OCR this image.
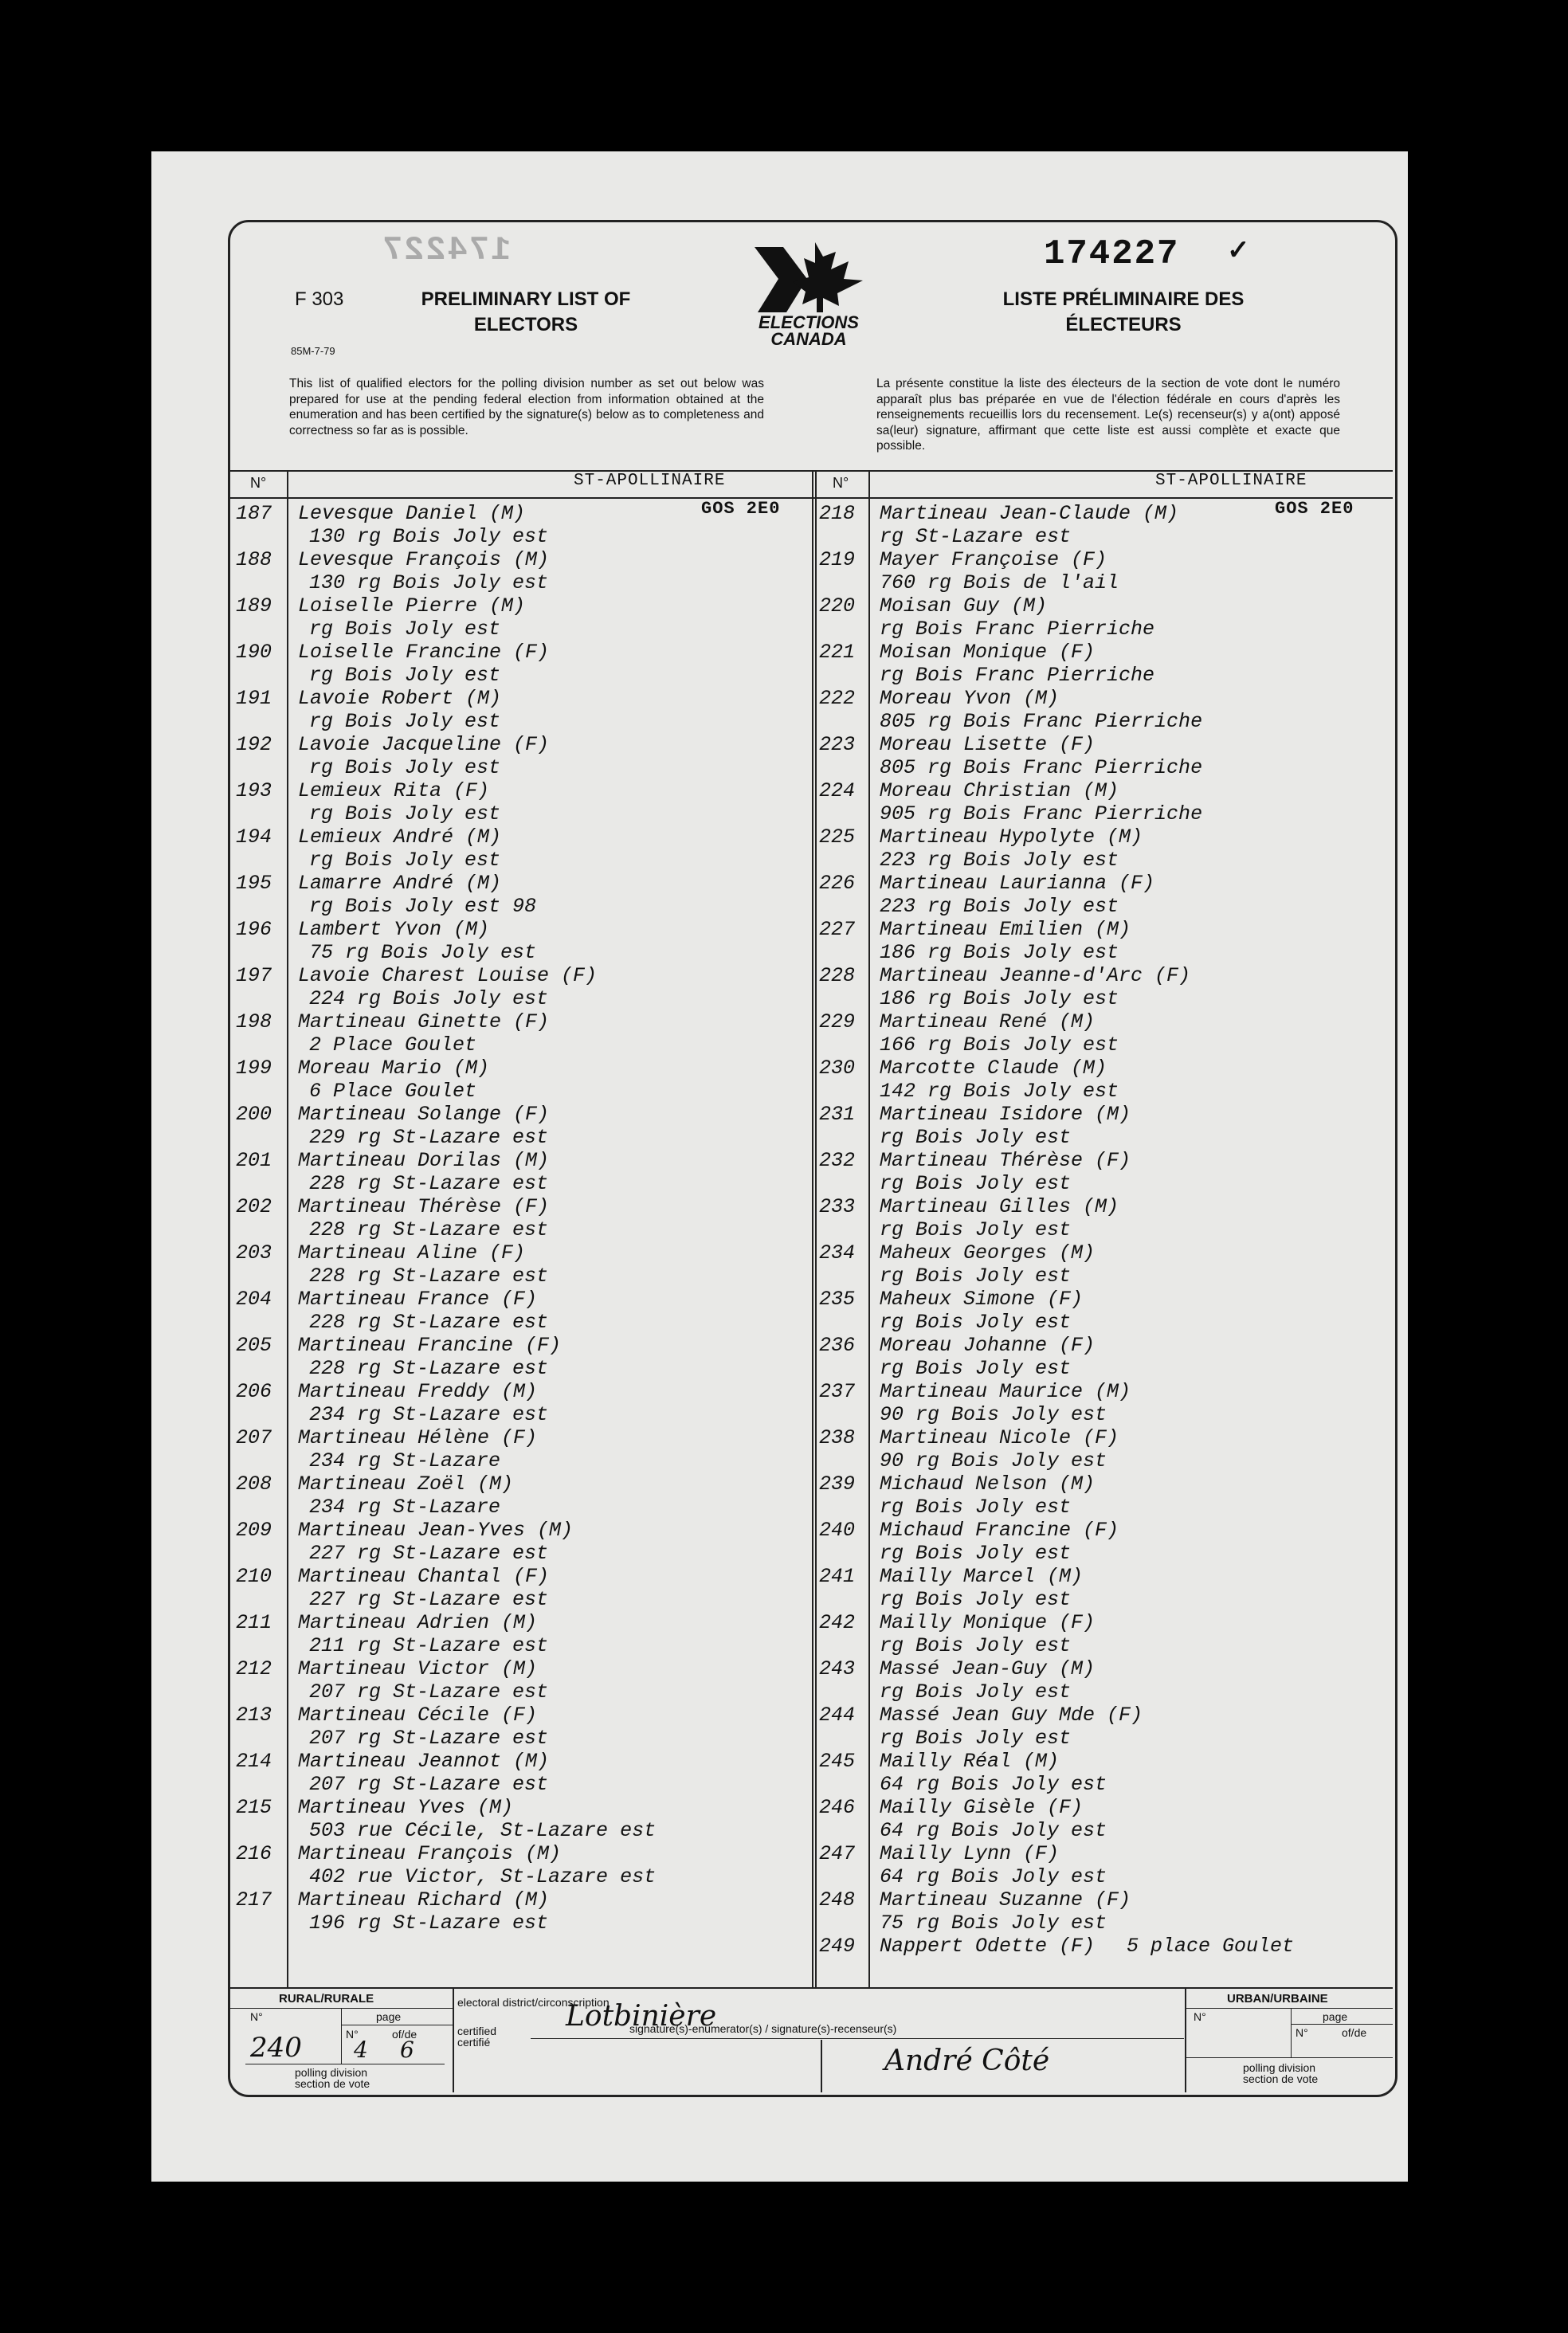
174227	174227 ✓
F 303
85M-7-79
PRELIMINARY LIST OF ELECTORS
LISTE PRÉLIMINAIRE DES ÉLECTEURS
ELECTIONS
CANADA
This list of qualified electors for the polling division number as set out below was prepared for use at the pending federal election from information obtained at the enumeration and has been certified by the signature(s) below as to completeness and correctness so far as is possible.
La présente constitue la liste des électeurs de la section de vote dont le numéro apparaît plus bas préparée en vue de l'élection fédérale en cours d'après les renseignements recueillis lors du recensement. Le(s) recenseur(s) y a(ont) apposé sa(leur) signature, affirmant que cette liste est aussi complète et exacte que possible.
N°	N°
ST-APOLLINAIRE	ST-APOLLINAIRE
GOS 2E0	GOS 2E0
187 Levesque Daniel (M)
130 rg Bois Joly est
188 Levesque François (M)
130 rg Bois Joly est
189 Loiselle Pierre (M)
rg Bois Joly est
190 Loiselle Francine (F)
rg Bois Joly est
191 Lavoie Robert (M)
rg Bois Joly est
192 Lavoie Jacqueline (F)
rg Bois Joly est
193 Lemieux Rita (F)
rg Bois Joly est
194 Lemieux André (M)
rg Bois Joly est
195 Lamarre André (M)
rg Bois Joly est 98
196 Lambert Yvon (M)
75 rg Bois Joly est
197 Lavoie Charest Louise (F)
224 rg Bois Joly est
198 Martineau Ginette (F)
2 Place Goulet
199 Moreau Mario (M)
6 Place Goulet
200 Martineau Solange (F)
229 rg St-Lazare est
201 Martineau Dorilas (M)
228 rg St-Lazare est
202 Martineau Thérèse (F)
228 rg St-Lazare est
203 Martineau Aline (F)
228 rg St-Lazare est
204 Martineau France (F)
228 rg St-Lazare est
205 Martineau Francine (F)
228 rg St-Lazare est
206 Martineau Freddy (M)
234 rg St-Lazare est
207 Martineau Hélène (F)
234 rg St-Lazare
208 Martineau Zoël (M)
234 rg St-Lazare
209 Martineau Jean-Yves (M)
227 rg St-Lazare est
210 Martineau Chantal (F)
227 rg St-Lazare est
211 Martineau Adrien (M)
211 rg St-Lazare est
212 Martineau Victor (M)
207 rg St-Lazare est
213 Martineau Cécile (F)
207 rg St-Lazare est
214 Martineau Jeannot (M)
207 rg St-Lazare est
215 Martineau Yves (M)
503 rue Cécile, St-Lazare est
216 Martineau François (M)
402 rue Victor, St-Lazare est
217 Martineau Richard (M)
196 rg St-Lazare est
218 Martineau Jean-Claude (M)
rg St-Lazare est
219 Mayer Françoise (F)
760 rg Bois de l'ail
220 Moisan Guy (M)
rg Bois Franc Pierriche
221 Moisan Monique (F)
rg Bois Franc Pierriche
222 Moreau Yvon (M)
805 rg Bois Franc Pierriche
223 Moreau Lisette (F)
805 rg Bois Franc Pierriche
224 Moreau Christian (M)
905 rg Bois Franc Pierriche
225 Martineau Hypolyte (M)
223 rg Bois Joly est
226 Martineau Laurianna (F)
223 rg Bois Joly est
227 Martineau Emilien (M)
186 rg Bois Joly est
228 Martineau Jeanne-d'Arc (F)
186 rg Bois Joly est
229 Martineau René (M)
166 rg Bois Joly est
230 Marcotte Claude (M)
142 rg Bois Joly est
231 Martineau Isidore (M)
rg Bois Joly est
232 Martineau Thérèse (F)
rg Bois Joly est
233 Martineau Gilles (M)
rg Bois Joly est
234 Maheux Georges (M)
rg Bois Joly est
235 Maheux Simone (F)
rg Bois Joly est
236 Moreau Johanne (F)
rg Bois Joly est
237 Martineau Maurice (M)
90 rg Bois Joly est
238 Martineau Nicole (F)
90 rg Bois Joly est
239 Michaud Nelson (M)
rg Bois Joly est
240 Michaud Francine (F)
rg Bois Joly est
241 Mailly Marcel (M)
rg Bois Joly est
242 Mailly Monique (F)
rg Bois Joly est
243 Massé Jean-Guy (M)
rg Bois Joly est
244 Massé Jean Guy Mde (F)
rg Bois Joly est
245 Mailly Réal (M)
64 rg Bois Joly est
246 Mailly Gisèle (F)
64 rg Bois Joly est
247 Mailly Lynn (F)
64 rg Bois Joly est
248 Martineau Suzanne (F)
75 rg Bois Joly est
249 Nappert Odette (F) 5 place Goulet
RURAL/RURALE
N°	page
N°	of/de
240 4 6
polling division
section de vote
electoral district/circonscription
Lotbinière
certified
certifié
signature(s)-enumerator(s) / signature(s)-recenseur(s)
André Côté
URBAN/URBAINE
N°	page
N°	of/de
polling division
section de vote
